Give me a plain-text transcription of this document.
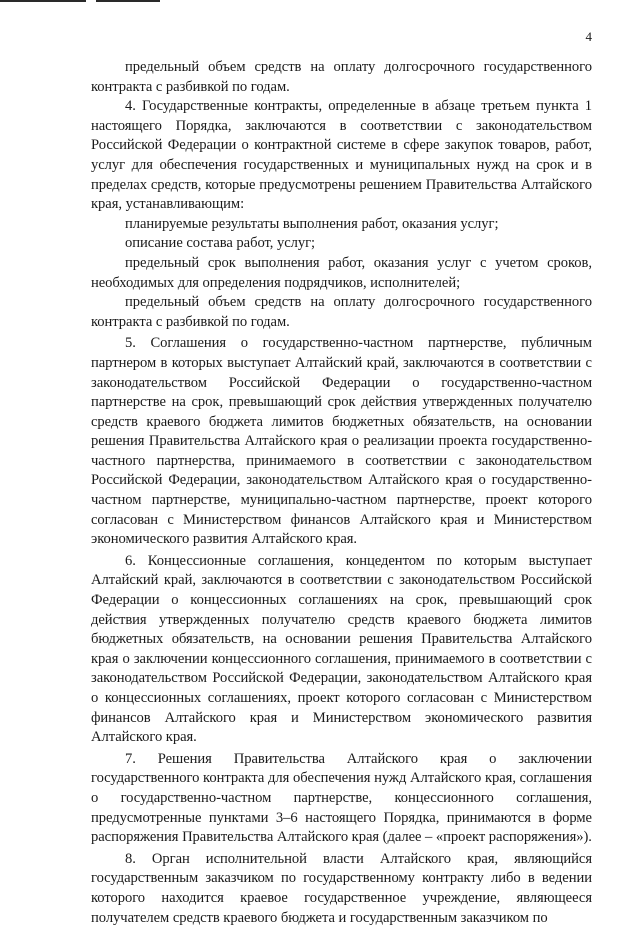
4

предельный объем средств на оплату долгосрочного государственного контракта с разбивкой по годам.

4. Государственные контракты, определенные в абзаце третьем пункта 1 настоящего Порядка, заключаются в соответствии с законодательством Российской Федерации о контрактной системе в сфере закупок товаров, работ, услуг для обеспечения государственных и муниципальных нужд на срок и в пределах средств, которые предусмотрены решением Правительства Алтайского края, устанавливающим:

планируемые результаты выполнения работ, оказания услуг;

описание состава работ, услуг;

предельный срок выполнения работ, оказания услуг с учетом сроков, необходимых для определения подрядчиков, исполнителей;

предельный объем средств на оплату долгосрочного государственного контракта с разбивкой по годам.

5. Соглашения о государственно-частном партнерстве, публичным партнером в которых выступает Алтайский край, заключаются в соответствии с законодательством Российской Федерации о государственно-частном партнерстве на срок, превышающий срок действия утвержденных получателю средств краевого бюджета лимитов бюджетных обязательств, на основании решения Правительства Алтайского края о реализации проекта государственно-частного партнерства, принимаемого в соответствии с законодательством Российской Федерации, законодательством Алтайского края о государственно-частном партнерстве, муниципально-частном партнерстве, проект которого согласован с Министерством финансов Алтайского края и Министерством экономического развития Алтайского края.

6. Концессионные соглашения, концедентом по которым выступает Алтайский край, заключаются в соответствии с законодательством Российской Федерации о концессионных соглашениях на срок, превышающий срок действия утвержденных получателю средств краевого бюджета лимитов бюджетных обязательств, на основании решения Правительства Алтайского края о заключении концессионного соглашения, принимаемого в соответствии с законодательством Российской Федерации, законодательством Алтайского края о концессионных соглашениях, проект которого согласован с Министерством финансов Алтайского края и Министерством экономического развития Алтайского края.

7. Решения Правительства Алтайского края о заключении государственного контракта для обеспечения нужд Алтайского края, соглашения о государственно-частном партнерстве, концессионного соглашения, предусмотренные пунктами 3–6 настоящего Порядка, принимаются в форме распоряжения Правительства Алтайского края (далее – «проект распоряжения»).

8. Орган исполнительной власти Алтайского края, являющийся государственным заказчиком по государственному контракту либо в ведении которого находится краевое государственное учреждение, являющееся получателем средств краевого бюджета и государственным заказчиком по
